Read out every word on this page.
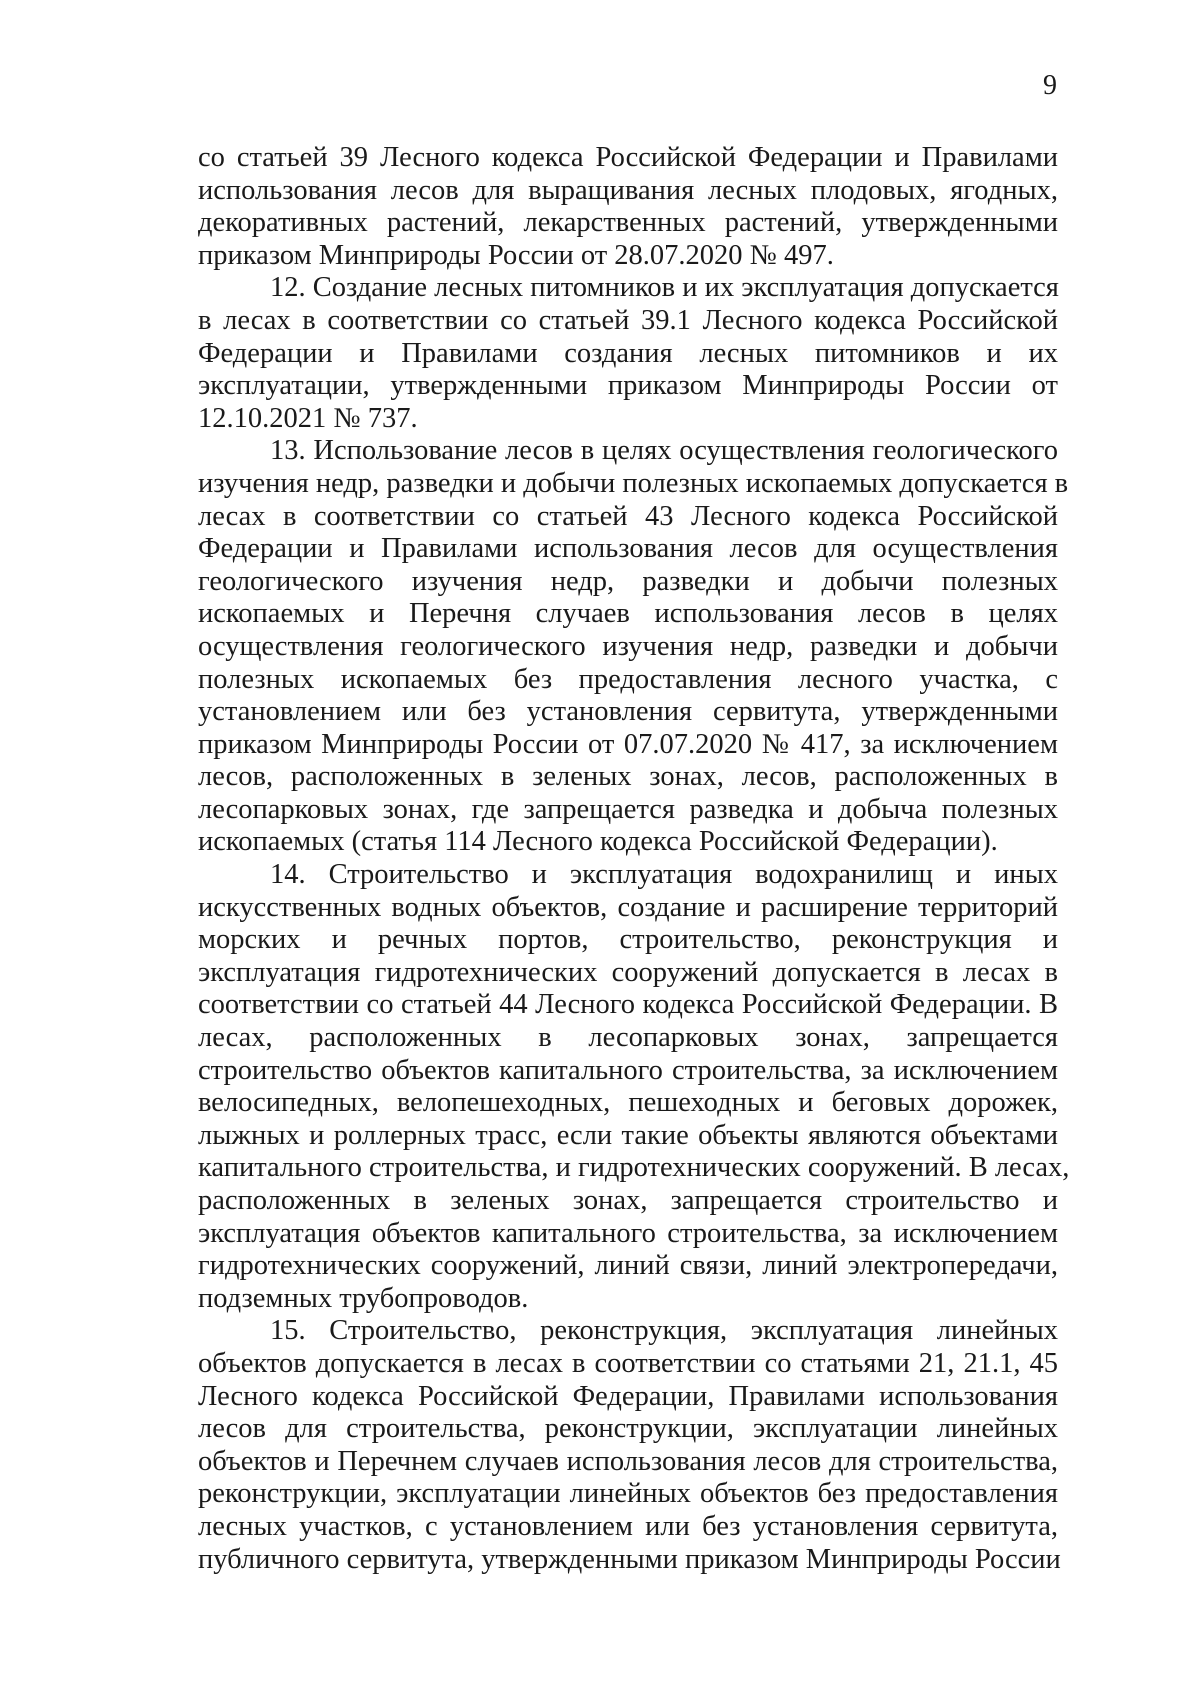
9
со статьей 39 Лесного кодекса Российской Федерации и Правилами
использования лесов для выращивания лесных плодовых, ягодных,
декоративных растений, лекарственных растений, утвержденными
приказом Минприроды России от 28.07.2020 № 497.
12. Создание лесных питомников и их эксплуатация допускается
в лесах в соответствии со статьей 39.1 Лесного кодекса Российской
Федерации и Правилами создания лесных питомников и их
эксплуатации, утвержденными приказом Минприроды России от
12.10.2021 № 737.
13. Использование лесов в целях осуществления геологического
изучения недр, разведки и добычи полезных ископаемых допускается в
лесах в соответствии со статьей 43 Лесного кодекса Российской
Федерации и Правилами использования лесов для осуществления
геологического изучения недр, разведки и добычи полезных
ископаемых и Перечня случаев использования лесов в целях
осуществления геологического изучения недр, разведки и добычи
полезных ископаемых без предоставления лесного участка, с
установлением или без установления сервитута, утвержденными
приказом Минприроды России от 07.07.2020 № 417, за исключением
лесов, расположенных в зеленых зонах, лесов, расположенных в
лесопарковых зонах, где запрещается разведка и добыча полезных
ископаемых (статья 114 Лесного кодекса Российской Федерации).
14. Строительство и эксплуатация водохранилищ и иных
искусственных водных объектов, создание и расширение территорий
морских и речных портов, строительство, реконструкция и
эксплуатация гидротехнических сооружений допускается в лесах в
соответствии со статьей 44 Лесного кодекса Российской Федерации. В
лесах, расположенных в лесопарковых зонах, запрещается
строительство объектов капитального строительства, за исключением
велосипедных, велопешеходных, пешеходных и беговых дорожек,
лыжных и роллерных трасс, если такие объекты являются объектами
капитального строительства, и гидротехнических сооружений. В лесах,
расположенных в зеленых зонах, запрещается строительство и
эксплуатация объектов капитального строительства, за исключением
гидротехнических сооружений, линий связи, линий электропередачи,
подземных трубопроводов.
15. Строительство, реконструкция, эксплуатация линейных
объектов допускается в лесах в соответствии со статьями 21, 21.1, 45
Лесного кодекса Российской Федерации, Правилами использования
лесов для строительства, реконструкции, эксплуатации линейных
объектов и Перечнем случаев использования лесов для строительства,
реконструкции, эксплуатации линейных объектов без предоставления
лесных участков, с установлением или без установления сервитута,
публичного сервитута, утвержденными приказом Минприроды России
